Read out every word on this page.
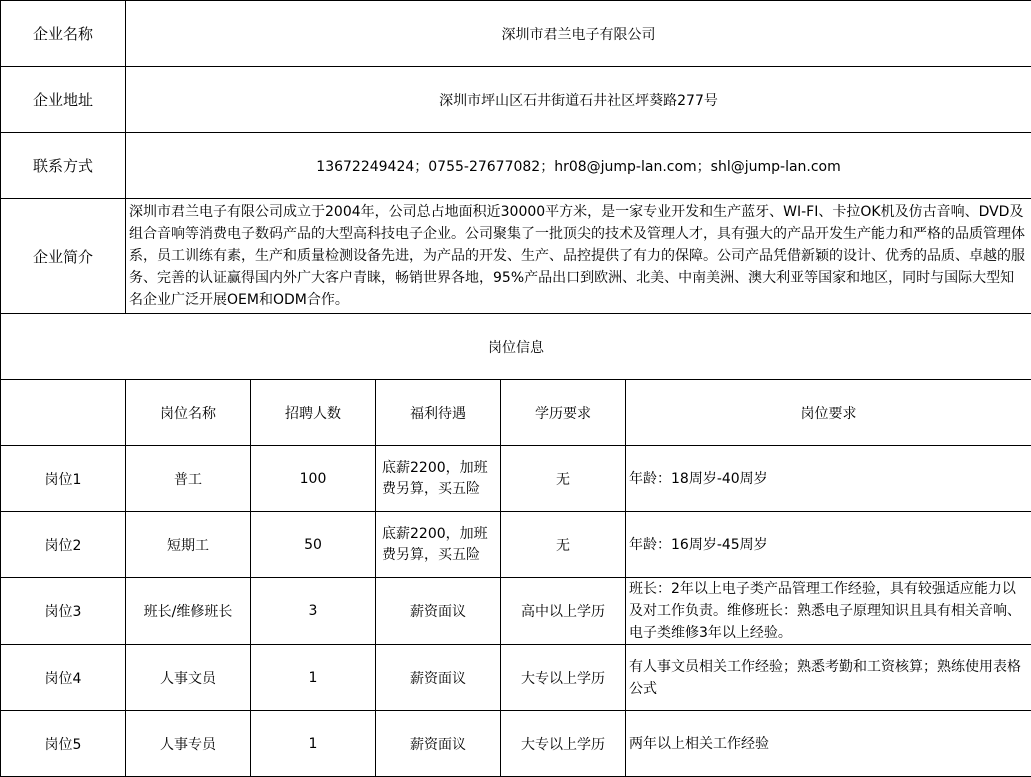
企业名称	深圳市君兰电子有限公司				
企业地址	深圳市坪山区石井街道石井社区坪葵路277号				
联系方式	13672249424；0755-27677082；hr08@jump-lan.com；shl@jump-lan.com				
企业简介	深圳市君兰电子有限公司成立于2004年，公司总占地面积近30000平方米，是一家专业开发和生产蓝牙、WI-FI、卡拉OK机及仿古音响、DVD及组合音响等消费电子数码产品的大型高科技电子企业。公司聚集了一批顶尖的技术及管理人才，具有强大的产品开发生产能力和严格的品质管理体系，员工训练有素，生产和质量检测设备先进，为产品的开发、生产、品控提供了有力的保障。公司产品凭借新颖的设计、优秀的品质、卓越的服务、完善的认证赢得国内外广大客户青睐，畅销世界各地，95%产品出口到欧洲、北美、中南美洲、澳大利亚等国家和地区，同时与国际大型知名企业广泛开展OEM和ODM合作。				
岗位信息					
	岗位名称	招聘人数	福利待遇	学历要求	岗位要求
岗位1	普工	100	底薪2200，加班费另算，买五险	无	年龄：18周岁-40周岁
岗位2	短期工	50	底薪2200，加班费另算，买五险	无	年龄：16周岁-45周岁
岗位3	班长/维修班长	3	薪资面议	高中以上学历	班长：2年以上电子类产品管理工作经验，具有较强适应能力以及对工作负责。维修班长：熟悉电子原理知识且具有相关音响、电子类维修3年以上经验。
岗位4	人事文员	1	薪资面议	大专以上学历	有人事文员相关工作经验；熟悉考勤和工资核算；熟练使用表格公式
岗位5	人事专员	1	薪资面议	大专以上学历	两年以上相关工作经验
